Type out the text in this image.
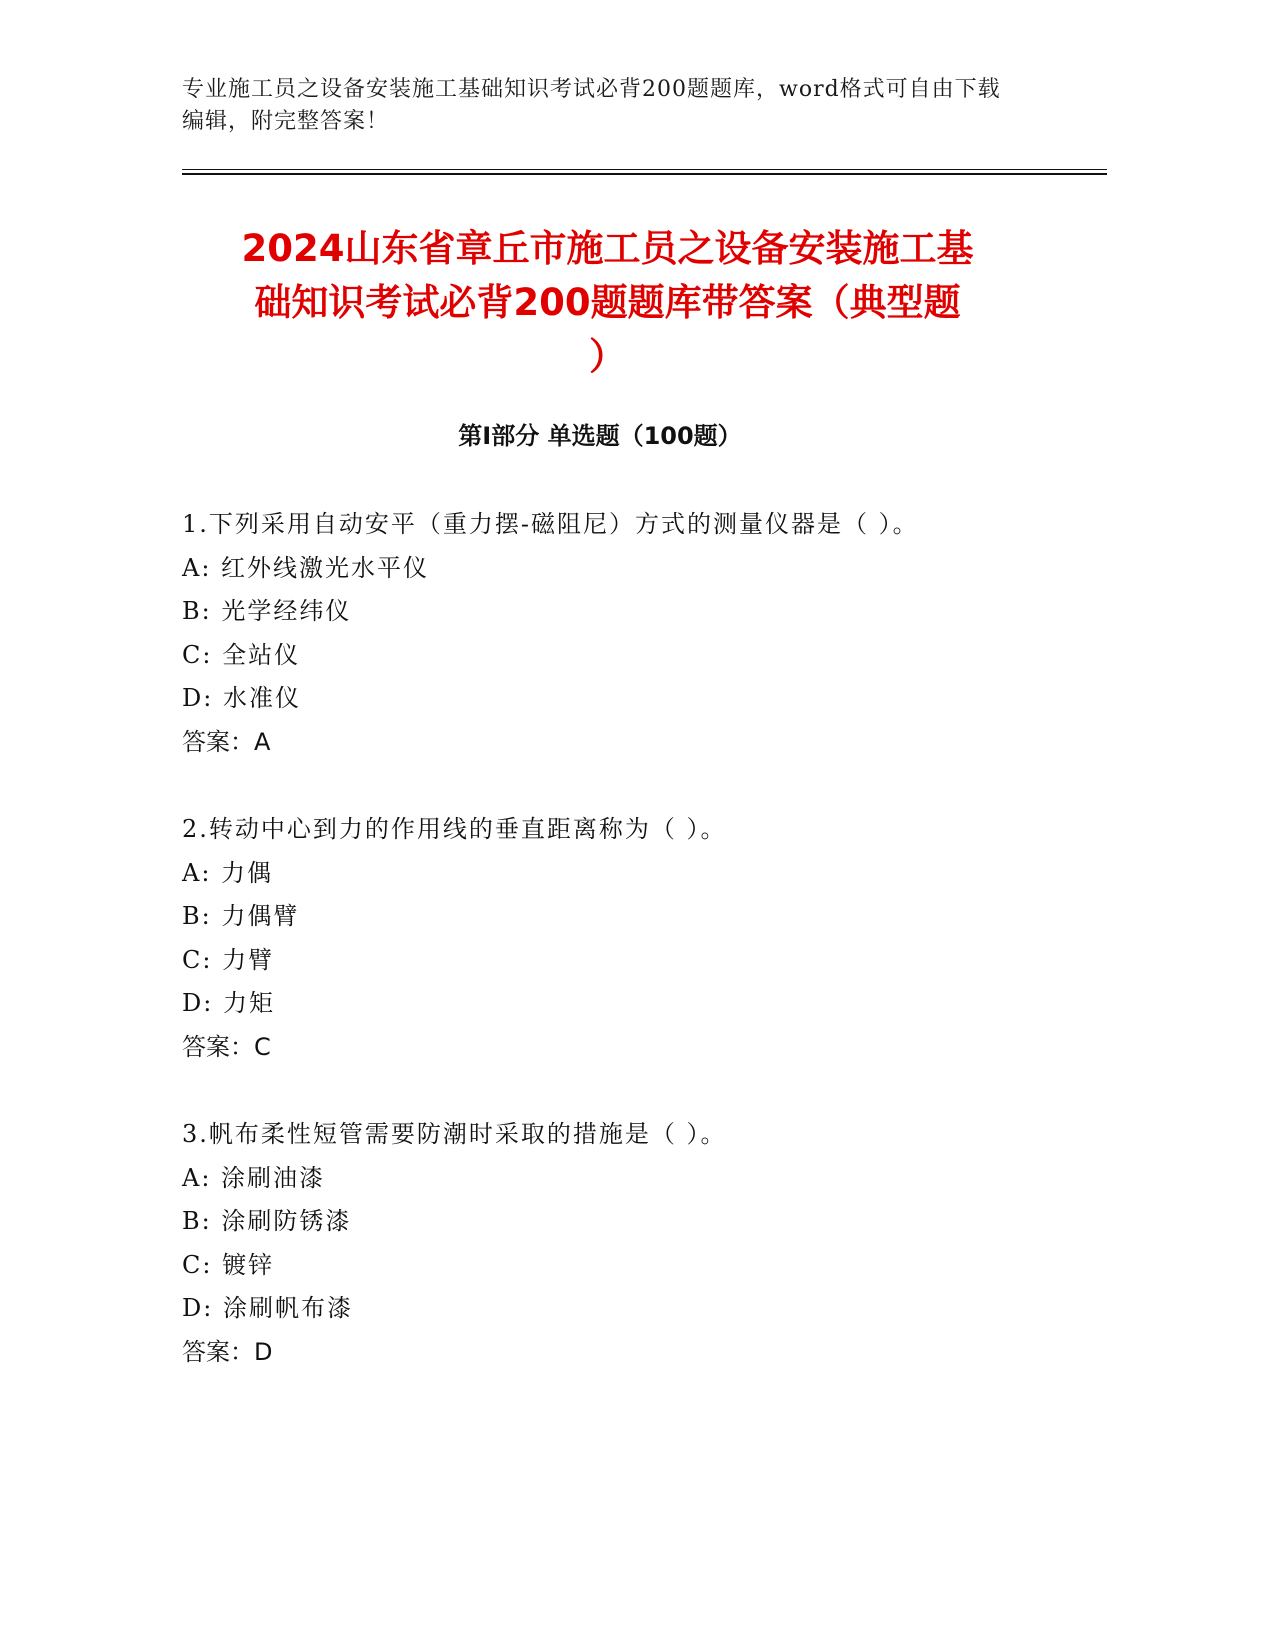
专业施工员之设备安装施工基础知识考试必背200题题库，word格式可自由下载
编辑，附完整答案！
2024山东省章丘市施工员之设备安装施工基
础知识考试必背200题题库带答案（典型题
）
第I部分 单选题（100题）
1.下列采用自动安平（重力摆-磁阻尼）方式的测量仪器是（ ）。
A: 红外线激光水平仪
B: 光学经纬仪
C: 全站仪
D: 水准仪
答案：A
2.转动中心到力的作用线的垂直距离称为（ ）。
A: 力偶
B: 力偶臂
C: 力臂
D: 力矩
答案：C
3.帆布柔性短管需要防潮时采取的措施是（ ）。
A: 涂刷油漆
B: 涂刷防锈漆
C: 镀锌
D: 涂刷帆布漆
答案：D
